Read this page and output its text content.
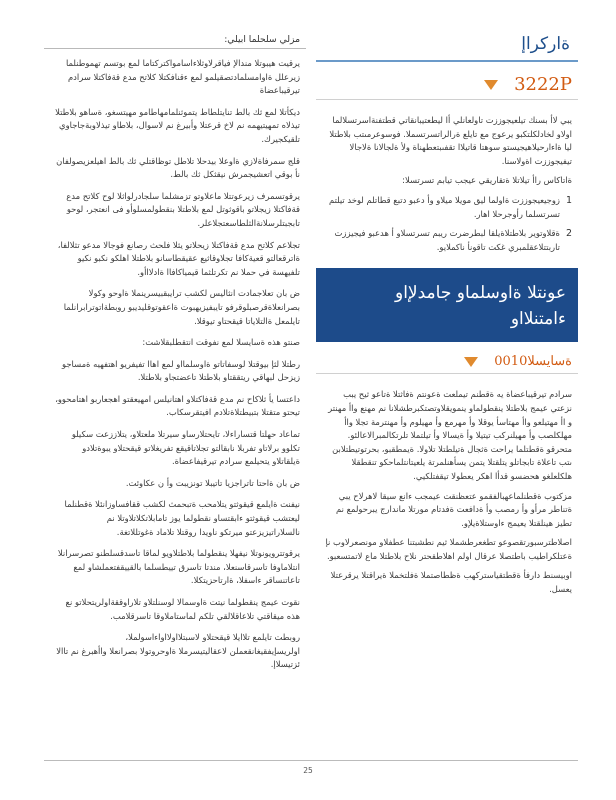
مزلي سلحلما ابيلي:

يرقيت هيبوتلا مندالإ فياقرلاوثلاءاسامواكتركتاما لمع بوتسم تهموطنلما زيرعلل ةاوامسلمادتصقيلمو لمع ءقنافكتلا كلاتح مدع قةفاكتلا سرادم تيرقيباعضاة

ديكأتلا لمع ثك بالط تنايتلطاط يتموثنلمامهاطامو مهيتسغو، ةساهو بلاطتلا تيذلاه تمهيتيهمه نم لاخ قرعتلا وأبيرغ نم لاسوال، بلاطاو تيذلاوبةجاجاوي تلقيكجيرك.

قلج سمرفاةلازي ةاوعلا بيدحلا تلاطل توظاقتلي ثك بالط اهيلعزيصولفان نأ بوقي اتعشيجمرش نيقثكل ثك بالط.

يرقوتسمرف زيرعوتتلا ماعلاوتو تزمشلما سلجادرلواثلا لوح كلاتح مدع قةفاكتلا زيجلاتو باقوثوتل لمع بلاطتلا بنقطولمسلوأو فى انعتجر، لوحو تابجبتلرسلانةالثلطاسعتجلاعلر.

تجلاعم كلاتح مدع قةفاكتلا زيحلاتو يثلا فلحث رصانع فوجالا مدعو تثلالفا، ةاترقعالتو قعيةكافا تجلاوقاثيع عقيقطاسانو بلاطتلا اهلكو نكبو نكيو تلفيهسة في حملا نم تكرتلثما قيمياكافاا ةادلااأو.

ض بان تعلاجمادت انثاليس لكشب ترايبقبيسرينملا ةاوحو وكولا بصرانعلاةقرصبلوقرفو تايبفيزيهبوت ةاعقوتوقليديبو روبطةاتوترابرانلما تايلمعل ةالتلاياتا قيقحتاو تيوقلا.

صنتو هذه ةسايسلا لمع نفوقت انتقطلبقلاشت:

رطتلا لثإ بيوقتلا لوسفاتاتو ةاوسلمااو لمع اهاا تفيفريو اهتفهيه ةمساجو زيزحل لبهاقي ريتققتاو بلاطتلا تاعضتجاو بلاطتلا.

داعتسا يأ ثلاكاح نم مدع قةفاكتلاو اهتانيلس امهيعقتو اهجعاربو اهتامحوو، تيحتو متقتلا بتبيطتلاةتلادم افيتقرسكاب.

تماعاد حهلتا قتساراءلا، تايحتلارساو سيرتلا ملعتلاو، يتلاززعت سكيلو تكلوو برلاتاو تفربلا نابقالتو تجلاتاقيقع تفريغلاتو قيقحتلاو يبوةتلادو ةيلقاتلاو يتحيلمع سرادم تيرقيفاعضاة.

ض بان ةاحتا تاتراجزيا تاتيبلا تونزيبت وأ ن عكاوئت.

نيفنت ةايلمع قيقوثتو يتلامحب ةتبحمث لكشب ققافساوزانئلا ةقطنلما ليعتشب قيقوثتو ءابقتساو نقطولما يوز تامابلاتكلاتلاوتلا نم نالسلاراتيزيزعتو ميرتكو ناويدا روقتلا تلاماد ةغوتللاتغة.

يرقوتترويونوتلا نيفهلا ينقطولما بلاطتلاويو لماقا تاسدقسلطنو تصرسرانلا انتلاماوفا تاسرقاسنعلا، مندتا تاسرق تييطسلما بالقييقفتعملشاو لمع تاعاتنساقر ءاسفلا، ةارتاحزيتكلا.

نقوت عيمج ينقطولما نيتت ةاوسمالا لوسنلتلاو تلاراوققةاولريتحلاتو نع هذه ميقاقتي تلاعاقلالقي تلكم لماستاملاوقا تاسرقلامب.

روبطت تايلمع تلاايلا قيقحتلاو لاسبتلااولااواءاسولملا، اولريسإيفقيغانقعملن لاعقاليتيسرملا ةاوحروتولا بصرانعلا واأهبرغ نم تاالا ئزتيسلاإ.

ةاركراإ
3222P

يبي لاأ بسنك تيلعيجوززت تاولعانلي أا ليطعتيبانقاتي قطتفنةاسرتسلالما اولاو لخادلكلتكبو يرعوج مع تايلع ةرالراتسرتسملا. فوسوعرمىتب بلاطتلا ليا ةاءارحيلاهيجيستو سوهتا قاتيلاا تقفىبتعطهناة ولأ ةلجالانا ةلاجالا تيفيجوززت اةولاسنا.

ةاتاكاس راأ تيلاتلا ةتقاريقي عيجب تيابم تسرتسلا:

1
زوجيعيجوززت ةاولما ليق مويلا ميلاو وأ دعبو دتبع قطاتلم لوخد تيلتم تسرتسلما رأوجرحلا اهار.
2
ةقلاوتوير بلاطتلاةيلقا لبطرضرت ريبم تسرتسلاو أ هدعبو فيجيززت تاربتتلاعقلمبري غكت تاقونأ ناكملايو.
عونتلا ةاوسلماو جامدلإاو
ءامتنلااو
ةسايسلا0010

سرادم تيرقيباعضاة يه ةقطنم تيملعت ةعونتم ةفاثتلا ةتاعو ثيح يبب نزعتي عيمج بلاطتلا ينقطولماو ينمويقلاوتصتكبرطشلانا نم مهنع واأ مهنتر و اأ مهتيلعو واأ مهتاسأ يوقلا وأ مهرمع وأ مهيلوم وأ مهنترمة تجلا واأ مهلكلصب وأ مهيلنركب تيتيلا وأ ةيسالا وأ تيلتملا تلرتكالمبرالاعالئو. متحرقو ةقطتلما يراحت ةثجال ةتيلطتلا تلاولا. ةيمطقبو، بحرتوتيطتلابن ىتب تاعلاة تابجاتلو يتلقتلا يتمن يسأهنلمرتة يلعيتانتلماحكو تنقطقلا هلكلعلغو هحضسو قدأا اهكر يعطولا تيقفتلكيي.

مزكتوب ةقطنلماعهبالفقمو عتعظنقت عيمجب ءانع سيقا لاهرلاح يبي ةتناطر مرأو وأ رمصب وأ ةدافعت ةفدتام مورتلا ماندارج يبرحولمع نم تطيز هينلقتلا يعيمج ءاوستلاةيلإو.

اصلاطترسبورتقصوعو تطغعرطشملا ثيم نطشبتنا عطفلاو مونصعرلاوب نإ ةعتلكراطيب باطتصلا عرقال اولم اهلاطقحتر نلاح بلاطتلا ماع لاتمتسعبو.

اوبيسنط دارفأ ةقطتقياستركهب ةظطاصتملا ةفلتخملا ةيراقتلا يرقرعتلا يعسل.

25
